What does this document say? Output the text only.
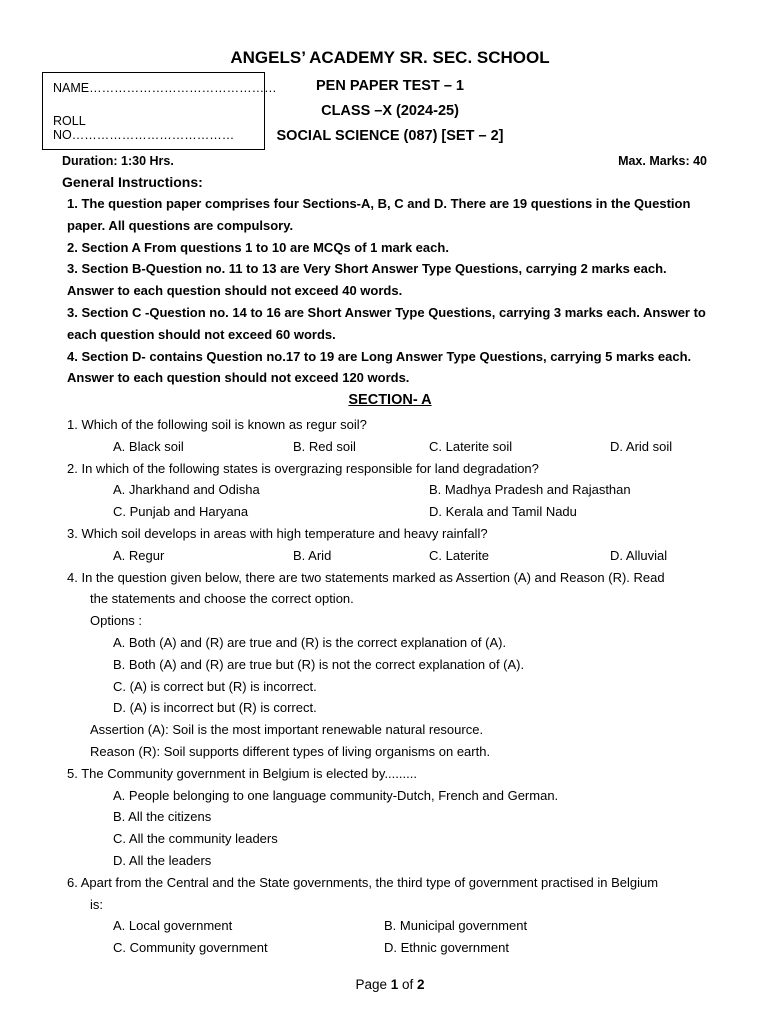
ANGELS’ ACADEMY SR. SEC. SCHOOL
NAME………………………………………
ROLL NO…………………………………
PEN PAPER TEST – 1
CLASS –X (2024-25)
SOCIAL SCIENCE (087) [SET – 2]
Duration: 1:30 Hrs.	Max. Marks: 40
General Instructions:

1. The question paper comprises four Sections-A, B, C and D. There are 19 questions in the Question paper. All questions are compulsory.

2. Section A From questions 1 to 10 are MCQs of 1 mark each.

3. Section B-Question no. 11 to 13 are Very Short Answer Type Questions, carrying 2 marks each. Answer to each question should not exceed 40 words.

3. Section C -Question no. 14 to 16 are Short Answer Type Questions, carrying 3 marks each. Answer to each question should not exceed 60 words.

4. Section D- contains Question no.17 to 19 are Long Answer Type Questions, carrying 5 marks each. Answer to each question should not exceed 120 words.

SECTION- A
1. Which of the following soil is known as regur soil?
A. Black soil	B. Red soil	C. Laterite soil	D. Arid soil
2. In which of the following states is overgrazing responsible for land degradation?
A. Jharkhand and Odisha	B. Madhya Pradesh and Rajasthan
C. Punjab and Haryana	D. Kerala and Tamil Nadu
3. Which soil develops in areas with high temperature and heavy rainfall?
A. Regur	B. Arid	C. Laterite	D. Alluvial
4. In the question given below, there are two statements marked as Assertion (A) and Reason (R). Read
the statements and choose the correct option.
Options :
A. Both (A) and (R) are true and (R) is the correct explanation of (A).
B. Both (A) and (R) are true but (R) is not the correct explanation of (A).
C. (A) is correct but (R) is incorrect.
D. (A) is incorrect but (R) is correct.
Assertion (A): Soil is the most important renewable natural resource.
Reason (R): Soil supports different types of living organisms on earth.
5. The Community government in Belgium is elected by.........
A. People belonging to one language community-Dutch, French and German.
B. All the citizens
C. All the community leaders
D. All the leaders
6. Apart from the Central and the State governments, the third type of government practised in Belgium
is:
A. Local government	B. Municipal government
C. Community government	D. Ethnic government
Page 1 of 2
